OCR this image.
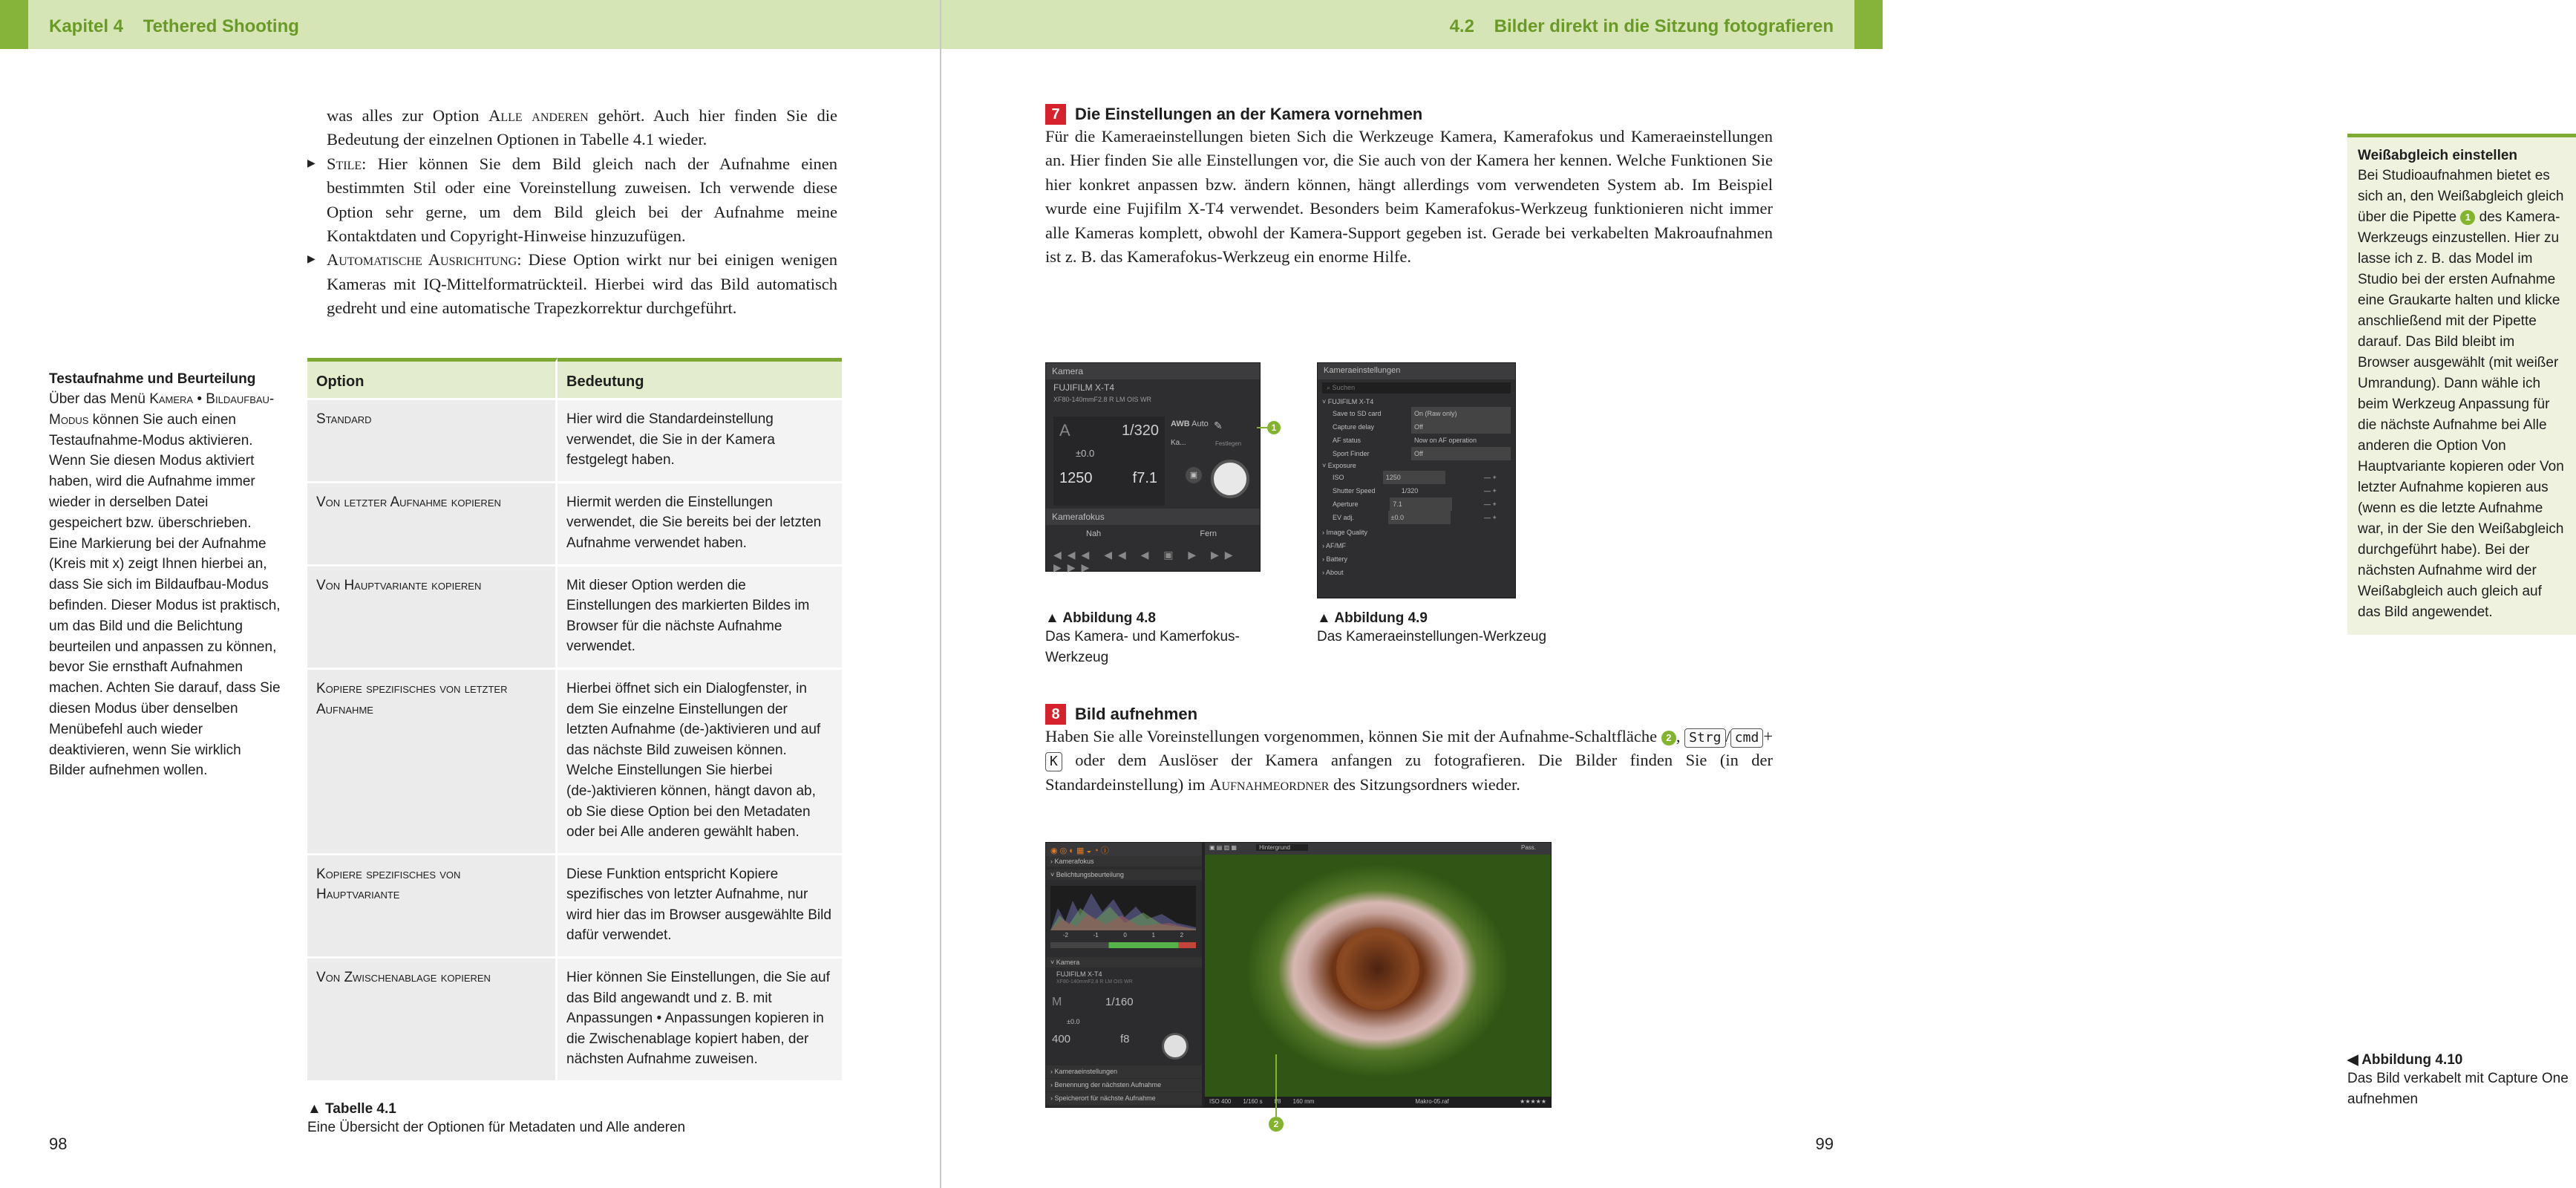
Kapitel 4 Tethered Shooting

was alles zur Option Alle anderen gehört. Auch hier finden Sie die Bedeutung der einzelnen Optionen in Tabelle 4.1 wieder.

▶ Stile: Hier können Sie dem Bild gleich nach der Aufnahme einen bestimmten Stil oder eine Voreinstellung zuweisen. Ich verwende diese Option sehr gerne, um dem Bild gleich bei der Aufnahme meine Kontaktdaten und Copyright-Hinweise hinzuzufügen.
▶ Automatische Ausrichtung: Diese Option wirkt nur bei einigen wenigen Kameras mit IQ-Mittelformatrückteil. Hierbei wird das Bild automatisch gedreht und eine automatische Trapezkorrektur durchgeführt.

Testaufnahme und Beurteilung

Über das Menü Kamera • Bildaufbau-Modus können Sie auch einen Testaufnahme-Modus aktivieren. Wenn Sie diesen Modus aktiviert haben, wird die Aufnahme immer wieder in derselben Datei gespeichert bzw. überschrieben. Eine Markierung bei der Aufnahme (Kreis mit x) zeigt Ihnen hierbei an, dass Sie sich im Bildaufbau-Modus befinden. Dieser Modus ist praktisch, um das Bild und die Belichtung beurteilen und anpassen zu können, bevor Sie ernsthaft Aufnahmen machen. Achten Sie darauf, dass Sie diesen Modus über denselben Menübefehl auch wieder deaktivieren, wenn Sie wirklich Bilder aufnehmen wollen.

Option	Bedeutung
Standard	Hier wird die Standardeinstellung verwendet, die Sie in der Kamera festgelegt haben.
Von letzter Aufnahme kopieren	Hiermit werden die Einstellungen verwendet, die Sie bereits bei der letzten Aufnahme verwendet haben.
Von Hauptvariante kopieren	Mit dieser Option werden die Einstellungen des markierten Bildes im Browser für die nächste Aufnahme verwendet.
Kopiere spezifisches von letzter Aufnahme	Hierbei öffnet sich ein Dialogfenster, in dem Sie einzelne Einstellungen der letzten Aufnahme (de-)aktivieren und auf das nächste Bild zuweisen können. Welche Einstellungen Sie hierbei (de-)aktivieren können, hängt davon ab, ob Sie diese Option bei den Metadaten oder bei Alle anderen gewählt haben.
Kopiere spezifisches von Hauptvariante	Diese Funktion entspricht Kopiere spezifisches von letzter Aufnahme, nur wird hier das im Browser ausgewählte Bild dafür verwendet.
Von Zwischenablage kopieren	Hier können Sie Einstellungen, die Sie auf das Bild angewandt und z. B. mit Anpassungen • Anpassungen kopieren in die Zwischenablage kopiert haben, der nächsten Aufnahme zuweisen.
▲ Tabelle 4.1
Eine Übersicht der Optionen für Metadaten und Alle anderen
98
4.2 Bilder direkt in die Sitzung fotografieren
7 Die Einstellungen an der Kamera vornehmen

Für die Kameraeinstellungen bieten Sich die Werkzeuge Kamera, Kamerafokus und Kameraeinstellungen an. Hier finden Sie alle Einstellungen vor, die Sie auch von der Kamera her kennen. Welche Funktionen Sie hier konkret anpassen bzw. ändern können, hängt allerdings vom verwendeten System ab. Im Beispiel wurde eine Fujifilm X-T4 verwendet. Besonders beim Kamerafokus-Werkzeug funktionieren nicht immer alle Kameras komplett, obwohl der Kamera-Support gegeben ist. Gerade bei verkabelten Makroaufnahmen ist z. B. das Kamerafokus-Werkzeug ein enorme Hilfe.

Kamera
FUJIFILM X-T4
XF80-140mmF2.8 R LM OIS WR
A	1/320
±0.0
1250	f7.1
AWB Auto
Ka...
✎
Festlegen
▣
Kamerafokus
Nah	Fern
◀◀◀ ◀◀ ◀ ▣ ▶ ▶▶ ▶▶▶
1
▲ Abbildung 4.8
Das Kamera- und Kamerfokus-Werkzeug
Kameraeinstellungen
⌕ Suchen
˅ FUJIFILM X-T4
Save to SD card	On (Raw only)
Capture delay	Off
AF status	Now on AF operation
Sport Finder	Off
˅ Exposure
ISO	1250	— +
Shutter Speed	1/320	— +
Aperture	7.1	— +
EV adj.	±0.0	— +
› Image Quality
› AF/MF
› Battery
› About
▲ Abbildung 4.9
Das Kameraeinstellungen-Werkzeug
Weißabgleich einstellen
Bei Studioaufnahmen bietet es sich an, den Weißabgleich gleich über die Pipette 1 des Kamera-Werkzeugs einzustellen. Hier zu lasse ich z. B. das Model im Studio bei der ersten Aufnahme eine Graukarte halten und klicke anschließend mit der Pipette darauf. Das Bild bleibt im Browser ausgewählt (mit weißer Umrandung). Dann wähle ich beim Werkzeug Anpassung für die nächste Aufnahme bei Alle anderen die Option Von Hauptvariante kopieren oder Von letzter Aufnahme kopieren aus (wenn es die letzte Aufnahme war, in der Sie den Weißabgleich durchgeführt habe). Bei der nächsten Aufnahme wird der Weißabgleich auch gleich auf das Bild angewendet.
8 Bild aufnehmen

Haben Sie alle Voreinstellungen vorgenommen, können Sie mit der Aufnahme-Schaltfläche 2 , Strg / cmd +K oder dem Auslöser der Kamera anfangen zu fotografieren. Die Bilder finden Sie (in der Standardeinstellung) im Aufnahmeordner des Sitzungsordners wieder.

◉ ◎ ◐ ▦ ◒ ◔ ⓘ
› Kamerafokus
˅ Belichtungsbeurteilung
-2	-1	0	1	2
˅ Kamera
FUJIFILM X-T4
XF80-140mmF2.8 R LM OIS WR
M	1/160
±0.0
400	f8
› Kameraeinstellungen
› Benennung der nächsten Aufnahme
› Speicherort für nächste Aufnahme
▣ ▤ ▥ ▦	Hintergrund	Pass.
ISO 400 1/160 s f/8 160 mm	Makro-05.raf	★★★★★
2
◀ Abbildung 4.10
Das Bild verkabelt mit Capture One aufnehmen
99
